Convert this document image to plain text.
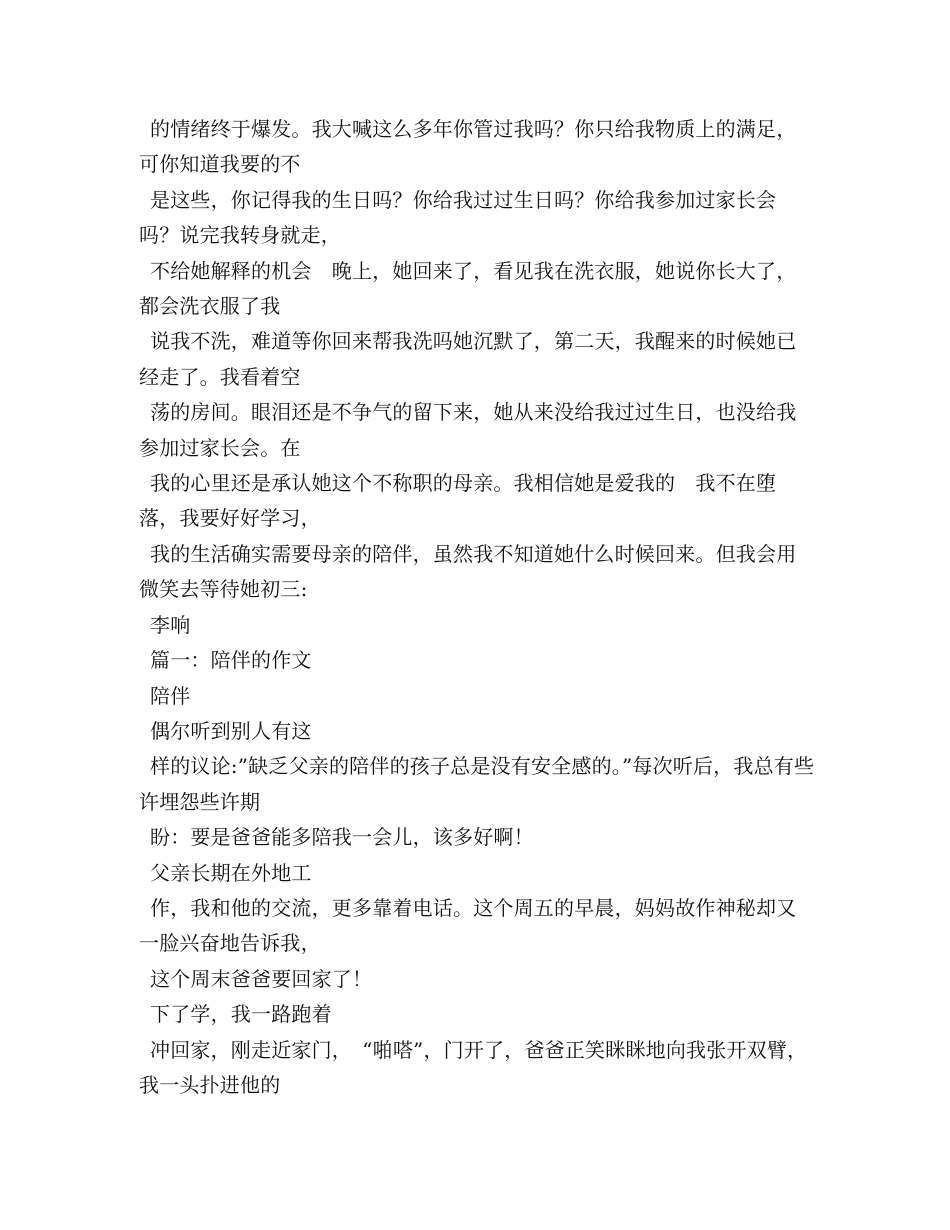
的情绪终于爆发。我大喊这么多年你管过我吗？你只给我物质上的满足，可你知道我要的不

是这些，你记得我的生日吗？你给我过过生日吗？你给我参加过家长会吗？说完我转身就走，

不给她解释的机会　晚上，她回来了，看见我在洗衣服，她说你长大了，都会洗衣服了我

说我不洗，难道等你回来帮我洗吗她沉默了，第二天，我醒来的时候她已经走了。我看着空

荡的房间。眼泪还是不争气的留下来，她从来没给我过过生日，也没给我参加过家长会。在

我的心里还是承认她这个不称职的母亲。我相信她是爱我的　我不在堕落，我要好好学习，

我的生活确实需要母亲的陪伴，虽然我不知道她什么时候回来。但我会用微笑去等待她初三:

李响

篇一：陪伴的作文

陪伴

偶尔听到别人有这

样的议论:”缺乏父亲的陪伴的孩子总是没有安全感的。”每次听后，我总有些许埋怨些许期

盼：要是爸爸能多陪我一会儿，该多好啊！

父亲长期在外地工

作，我和他的交流，更多靠着电话。这个周五的早晨，妈妈故作神秘却又一脸兴奋地告诉我，

这个周末爸爸要回家了！

下了学，我一路跑着

冲回家，刚走近家门，　“啪嗒”，门开了，爸爸正笑眯眯地向我张开双臂，我一头扑进他的
